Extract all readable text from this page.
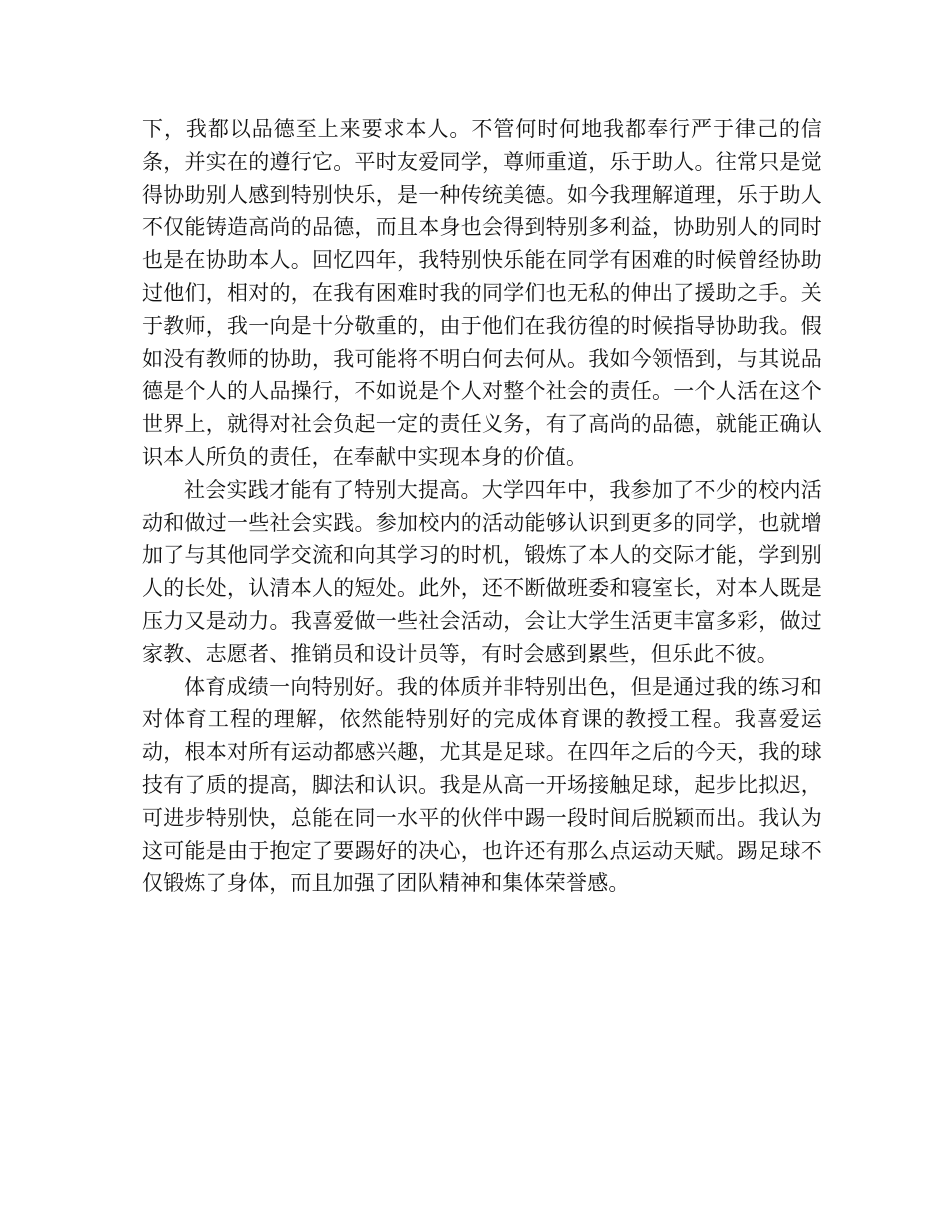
下，我都以品德至上来要求本人。不管何时何地我都奉行严于律己的信条，并实在的遵行它。平时友爱同学，尊师重道，乐于助人。往常只是觉得协助别人感到特别快乐，是一种传统美德。如今我理解道理，乐于助人不仅能铸造高尚的品德，而且本身也会得到特别多利益，协助别人的同时也是在协助本人。回忆四年，我特别快乐能在同学有困难的时候曾经协助过他们，相对的，在我有困难时我的同学们也无私的伸出了援助之手。关于教师，我一向是十分敬重的，由于他们在我彷徨的时候指导协助我。假如没有教师的协助，我可能将不明白何去何从。我如今领悟到，与其说品德是个人的人品操行，不如说是个人对整个社会的责任。一个人活在这个世界上，就得对社会负起一定的责任义务，有了高尚的品德，就能正确认识本人所负的责任，在奉献中实现本身的价值。

社会实践才能有了特别大提高。大学四年中，我参加了不少的校内活动和做过一些社会实践。参加校内的活动能够认识到更多的同学，也就增加了与其他同学交流和向其学习的时机，锻炼了本人的交际才能，学到别人的长处，认清本人的短处。此外，还不断做班委和寝室长，对本人既是压力又是动力。我喜爱做一些社会活动，会让大学生活更丰富多彩，做过家教、志愿者、推销员和设计员等，有时会感到累些，但乐此不彼。

体育成绩一向特别好。我的体质并非特别出色，但是通过我的练习和对体育工程的理解，依然能特别好的完成体育课的教授工程。我喜爱运动，根本对所有运动都感兴趣，尤其是足球。在四年之后的今天，我的球技有了质的提高，脚法和认识。我是从高一开场接触足球，起步比拟迟，可进步特别快，总能在同一水平的伙伴中踢一段时间后脱颖而出。我认为这可能是由于抱定了要踢好的决心，也许还有那么点运动天赋。踢足球不仅锻炼了身体，而且加强了团队精神和集体荣誉感。
